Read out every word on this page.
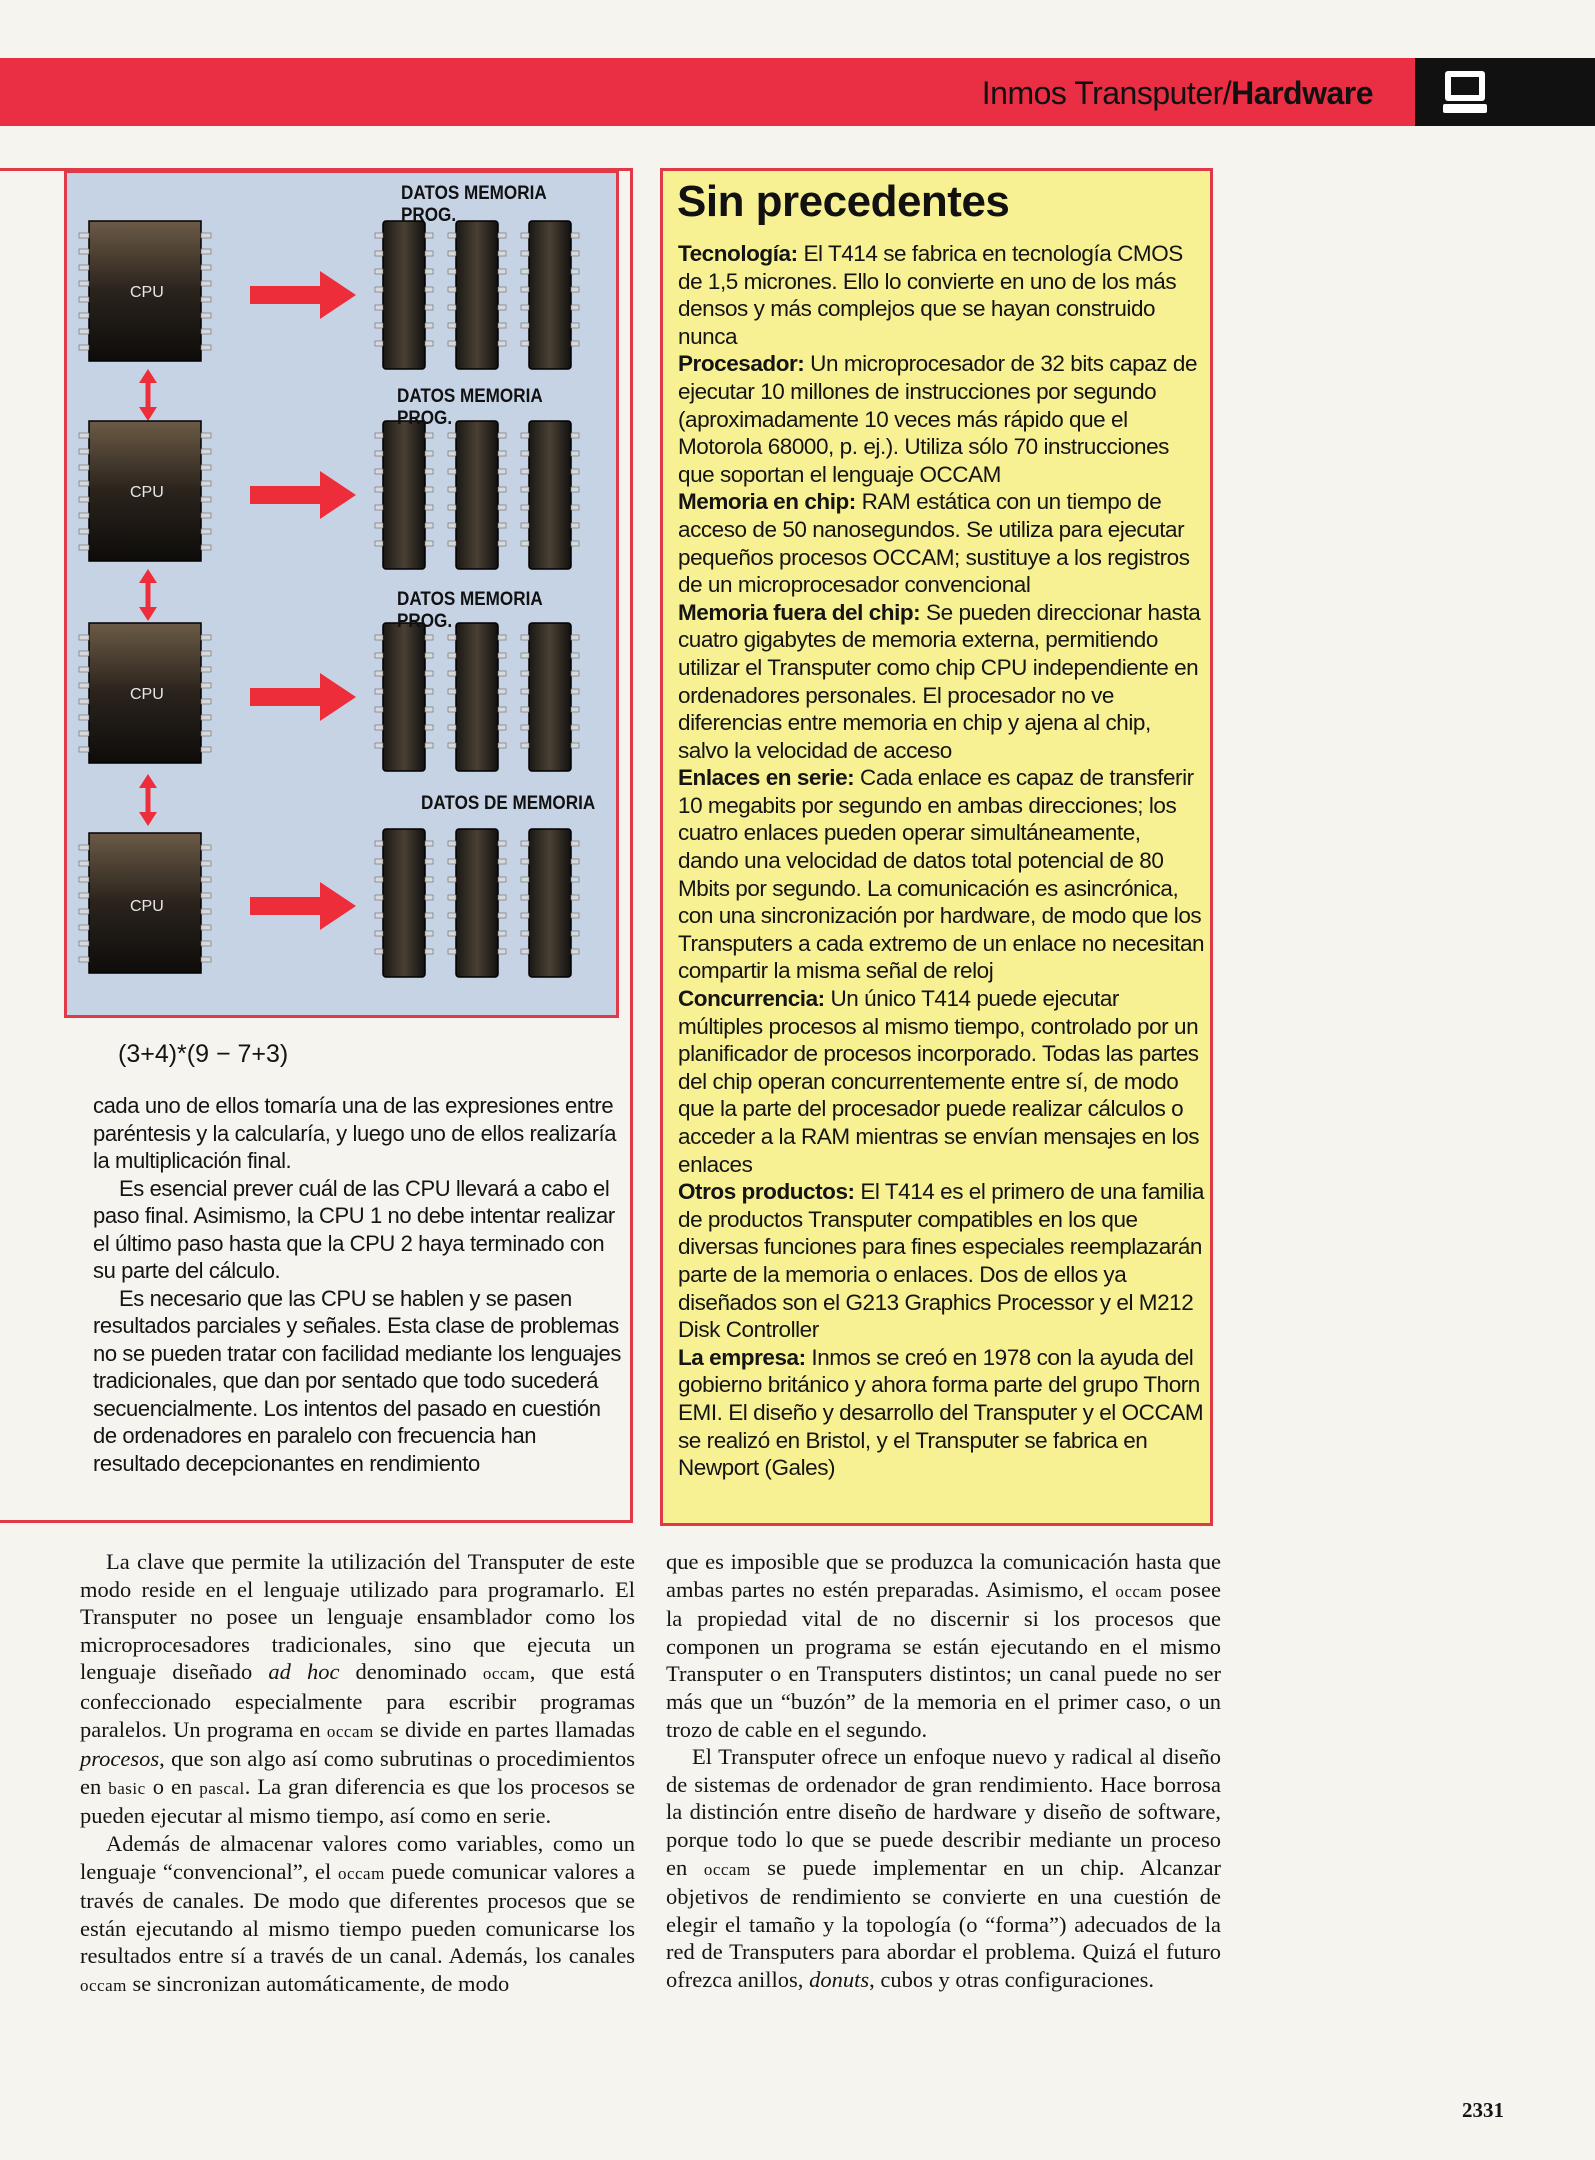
Inmos Transputer/Hardware
CPU
CPU
CPU
CPU
DATOS MEMORIA PROG.
DATOS MEMORIA PROG.
DATOS MEMORIA PROG.
DATOS DE MEMORIA
(3+4)*(9 − 7+3)

cada uno de ellos tomaría una de las expresiones entre paréntesis y la calcularía, y luego uno de ellos realizaría la multiplicación final.

Es esencial prever cuál de las CPU llevará a cabo el paso final. Asimismo, la CPU 1 no debe intentar realizar el último paso hasta que la CPU 2 haya terminado con su parte del cálculo.

Es necesario que las CPU se hablen y se pasen resultados parciales y señales. Esta clase de problemas no se pueden tratar con facilidad mediante los lenguajes tradicionales, que dan por sentado que todo sucederá secuencialmente. Los intentos del pasado en cuestión de ordenadores en paralelo con frecuencia han resultado decepcionantes en rendimiento

Sin precedentes

Tecnología: El T414 se fabrica en tecnología CMOS de 1,5 micrones. Ello lo convierte en uno de los más densos y más complejos que se hayan construido nunca

Procesador: Un microprocesador de 32 bits capaz de ejecutar 10 millones de instrucciones por segundo (aproximadamente 10 veces más rápido que el Motorola 68000, p. ej.). Utiliza sólo 70 instrucciones que soportan el lenguaje OCCAM

Memoria en chip: RAM estática con un tiempo de acceso de 50 nanosegundos. Se utiliza para ejecutar pequeños procesos OCCAM; sustituye a los registros de un microprocesador convencional

Memoria fuera del chip: Se pueden direccionar hasta cuatro gigabytes de memoria externa, permitiendo utilizar el Transputer como chip CPU independiente en ordenadores personales. El procesador no ve diferencias entre memoria en chip y ajena al chip, salvo la velocidad de acceso

Enlaces en serie: Cada enlace es capaz de transferir 10 megabits por segundo en ambas direcciones; los cuatro enlaces pueden operar simultáneamente, dando una velocidad de datos total potencial de 80 Mbits por segundo. La comunicación es asincrónica, con una sincronización por hardware, de modo que los Transputers a cada extremo de un enlace no necesitan compartir la misma señal de reloj

Concurrencia: Un único T414 puede ejecutar múltiples procesos al mismo tiempo, controlado por un planificador de procesos incorporado. Todas las partes del chip operan concurrentemente entre sí, de modo que la parte del procesador puede realizar cálculos o acceder a la RAM mientras se envían mensajes en los enlaces

Otros productos: El T414 es el primero de una familia de productos Transputer compatibles en los que diversas funciones para fines especiales reemplazarán parte de la memoria o enlaces. Dos de ellos ya diseñados son el G213 Graphics Processor y el M212 Disk Controller

La empresa: Inmos se creó en 1978 con la ayuda del gobierno británico y ahora forma parte del grupo Thorn EMI. El diseño y desarrollo del Transputer y el OCCAM se realizó en Bristol, y el Transputer se fabrica en Newport (Gales)

La clave que permite la utilización del Transputer de este modo reside en el lenguaje utilizado para programarlo. El Transputer no posee un lenguaje ensamblador como los microprocesadores tradicionales, sino que ejecuta un lenguaje diseñado ad hoc denominado occam, que está confeccionado especialmente para escribir programas paralelos. Un programa en occam se divide en partes llamadas procesos, que son algo así como subrutinas o procedimientos en basic o en pascal. La gran diferencia es que los procesos se pueden ejecutar al mismo tiempo, así como en serie.

Además de almacenar valores como variables, como un lenguaje “convencional”, el occam puede comunicar valores a través de canales. De modo que diferentes procesos que se están ejecutando al mismo tiempo pueden comunicarse los resultados entre sí a través de un canal. Además, los canales occam se sincronizan automáticamente, de modo

que es imposible que se produzca la comunicación hasta que ambas partes no estén preparadas. Asimismo, el occam posee la propiedad vital de no discernir si los procesos que componen un programa se están ejecutando en el mismo Transputer o en Transputers distintos; un canal puede no ser más que un “buzón” de la memoria en el primer caso, o un trozo de cable en el segundo.

El Transputer ofrece un enfoque nuevo y radical al diseño de sistemas de ordenador de gran rendimiento. Hace borrosa la distinción entre diseño de hardware y diseño de software, porque todo lo que se puede describir mediante un proceso en occam se puede implementar en un chip. Alcanzar objetivos de rendimiento se convierte en una cuestión de elegir el tamaño y la topología (o “forma”) adecuados de la red de Transputers para abordar el problema. Quizá el futuro ofrezca anillos, donuts, cubos y otras configuraciones.

2331
